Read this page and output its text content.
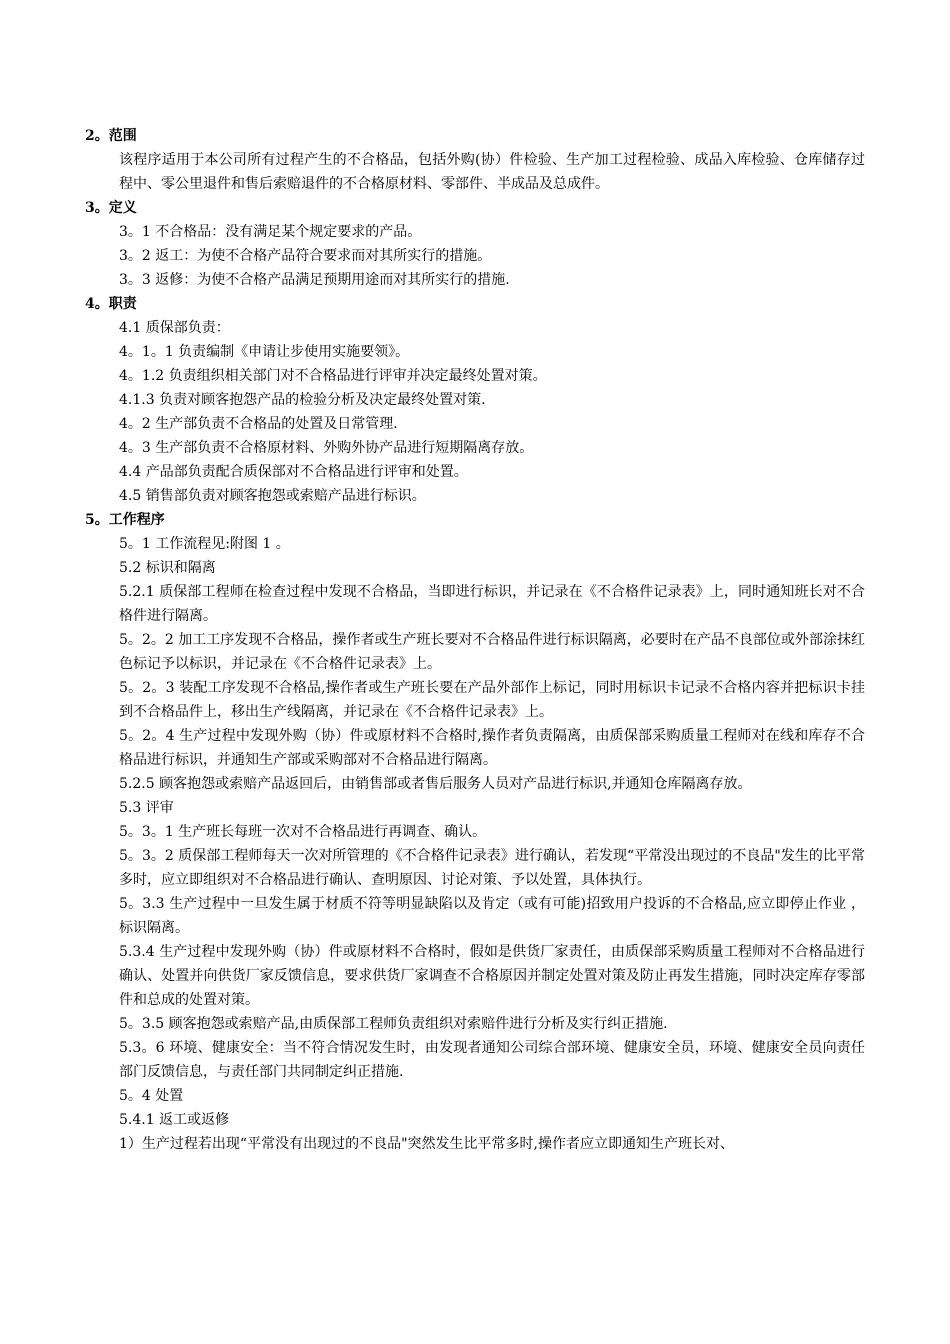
2。范围

该程序适用于本公司所有过程产生的不合格品，包括外购(协）件检验、生产加工过程检验、成品入库检验、仓库储存过程中、零公里退件和售后索赔退件的不合格原材料、零部件、半成品及总成件。

3。定义

3。1 不合格品：没有满足某个规定要求的产品。

3。2 返工：为使不合格产品符合要求而对其所实行的措施。

3。3 返修：为使不合格产品满足预期用途而对其所实行的措施.

4。职责

4.1 质保部负责：

4。1。1 负责编制《申请让步使用实施要领》。

4。1.2 负责组织相关部门对不合格品进行评审并决定最终处置对策。

4.1.3 负责对顾客抱怨产品的检验分析及决定最终处置对策.

4。2 生产部负责不合格品的处置及日常管理.

4。3 生产部负责不合格原材料、外购外协产品进行短期隔离存放。

4.4 产品部负责配合质保部对不合格品进行评审和处置。

4.5 销售部负责对顾客抱怨或索赔产品进行标识。

5。工作程序

5。1 工作流程见:附图 1 。

5.2 标识和隔离

5.2.1 质保部工程师在检查过程中发现不合格品，当即进行标识，并记录在《不合格件记录表》上，同时通知班长对不合格件进行隔离。

5。2。2 加工工序发现不合格品，操作者或生产班长要对不合格品件进行标识隔离，必要时在产品不良部位或外部涂抹红色标记予以标识，并记录在《不合格件记录表》上。

5。2。3 装配工序发现不合格品,操作者或生产班长要在产品外部作上标记，同时用标识卡记录不合格内容并把标识卡挂到不合格品件上，移出生产线隔离，并记录在《不合格件记录表》上。

5。2。4 生产过程中发现外购（协）件或原材料不合格时,操作者负责隔离，由质保部采购质量工程师对在线和库存不合格品进行标识，并通知生产部或采购部对不合格品进行隔离。

5.2.5 顾客抱怨或索赔产品返回后，由销售部或者售后服务人员对产品进行标识,并通知仓库隔离存放。

5.3 评审

5。3。1 生产班长每班一次对不合格品进行再调查、确认。

5。3。2 质保部工程师每天一次对所管理的《不合格件记录表》进行确认，若发现“平常没出现过的不良品"发生的比平常多时，应立即组织对不合格品进行确认、查明原因、讨论对策、予以处置，具体执行。

5。3.3 生产过程中一旦发生属于材质不符等明显缺陷以及肯定（或有可能)招致用户投诉的不合格品,应立即停止作业 ，标识隔离。

5.3.4 生产过程中发现外购（协）件或原材料不合格时，假如是供货厂家责任，由质保部采购质量工程师对不合格品进行确认、处置并向供货厂家反馈信息，要求供货厂家调查不合格原因并制定处置对策及防止再发生措施，同时决定库存零部件和总成的处置对策。

5。3.5 顾客抱怨或索赔产品,由质保部工程师负责组织对索赔件进行分析及实行纠正措施.

5.3。6 环境、健康安全：当不符合情况发生时，由发现者通知公司综合部环境、健康安全员，环境、健康安全员向责任部门反馈信息，与责任部门共同制定纠正措施.

5。4 处置

5.4.1 返工或返修

1）生产过程若出现“平常没有出现过的不良品"突然发生比平常多时,操作者应立即通知生产班长对、
